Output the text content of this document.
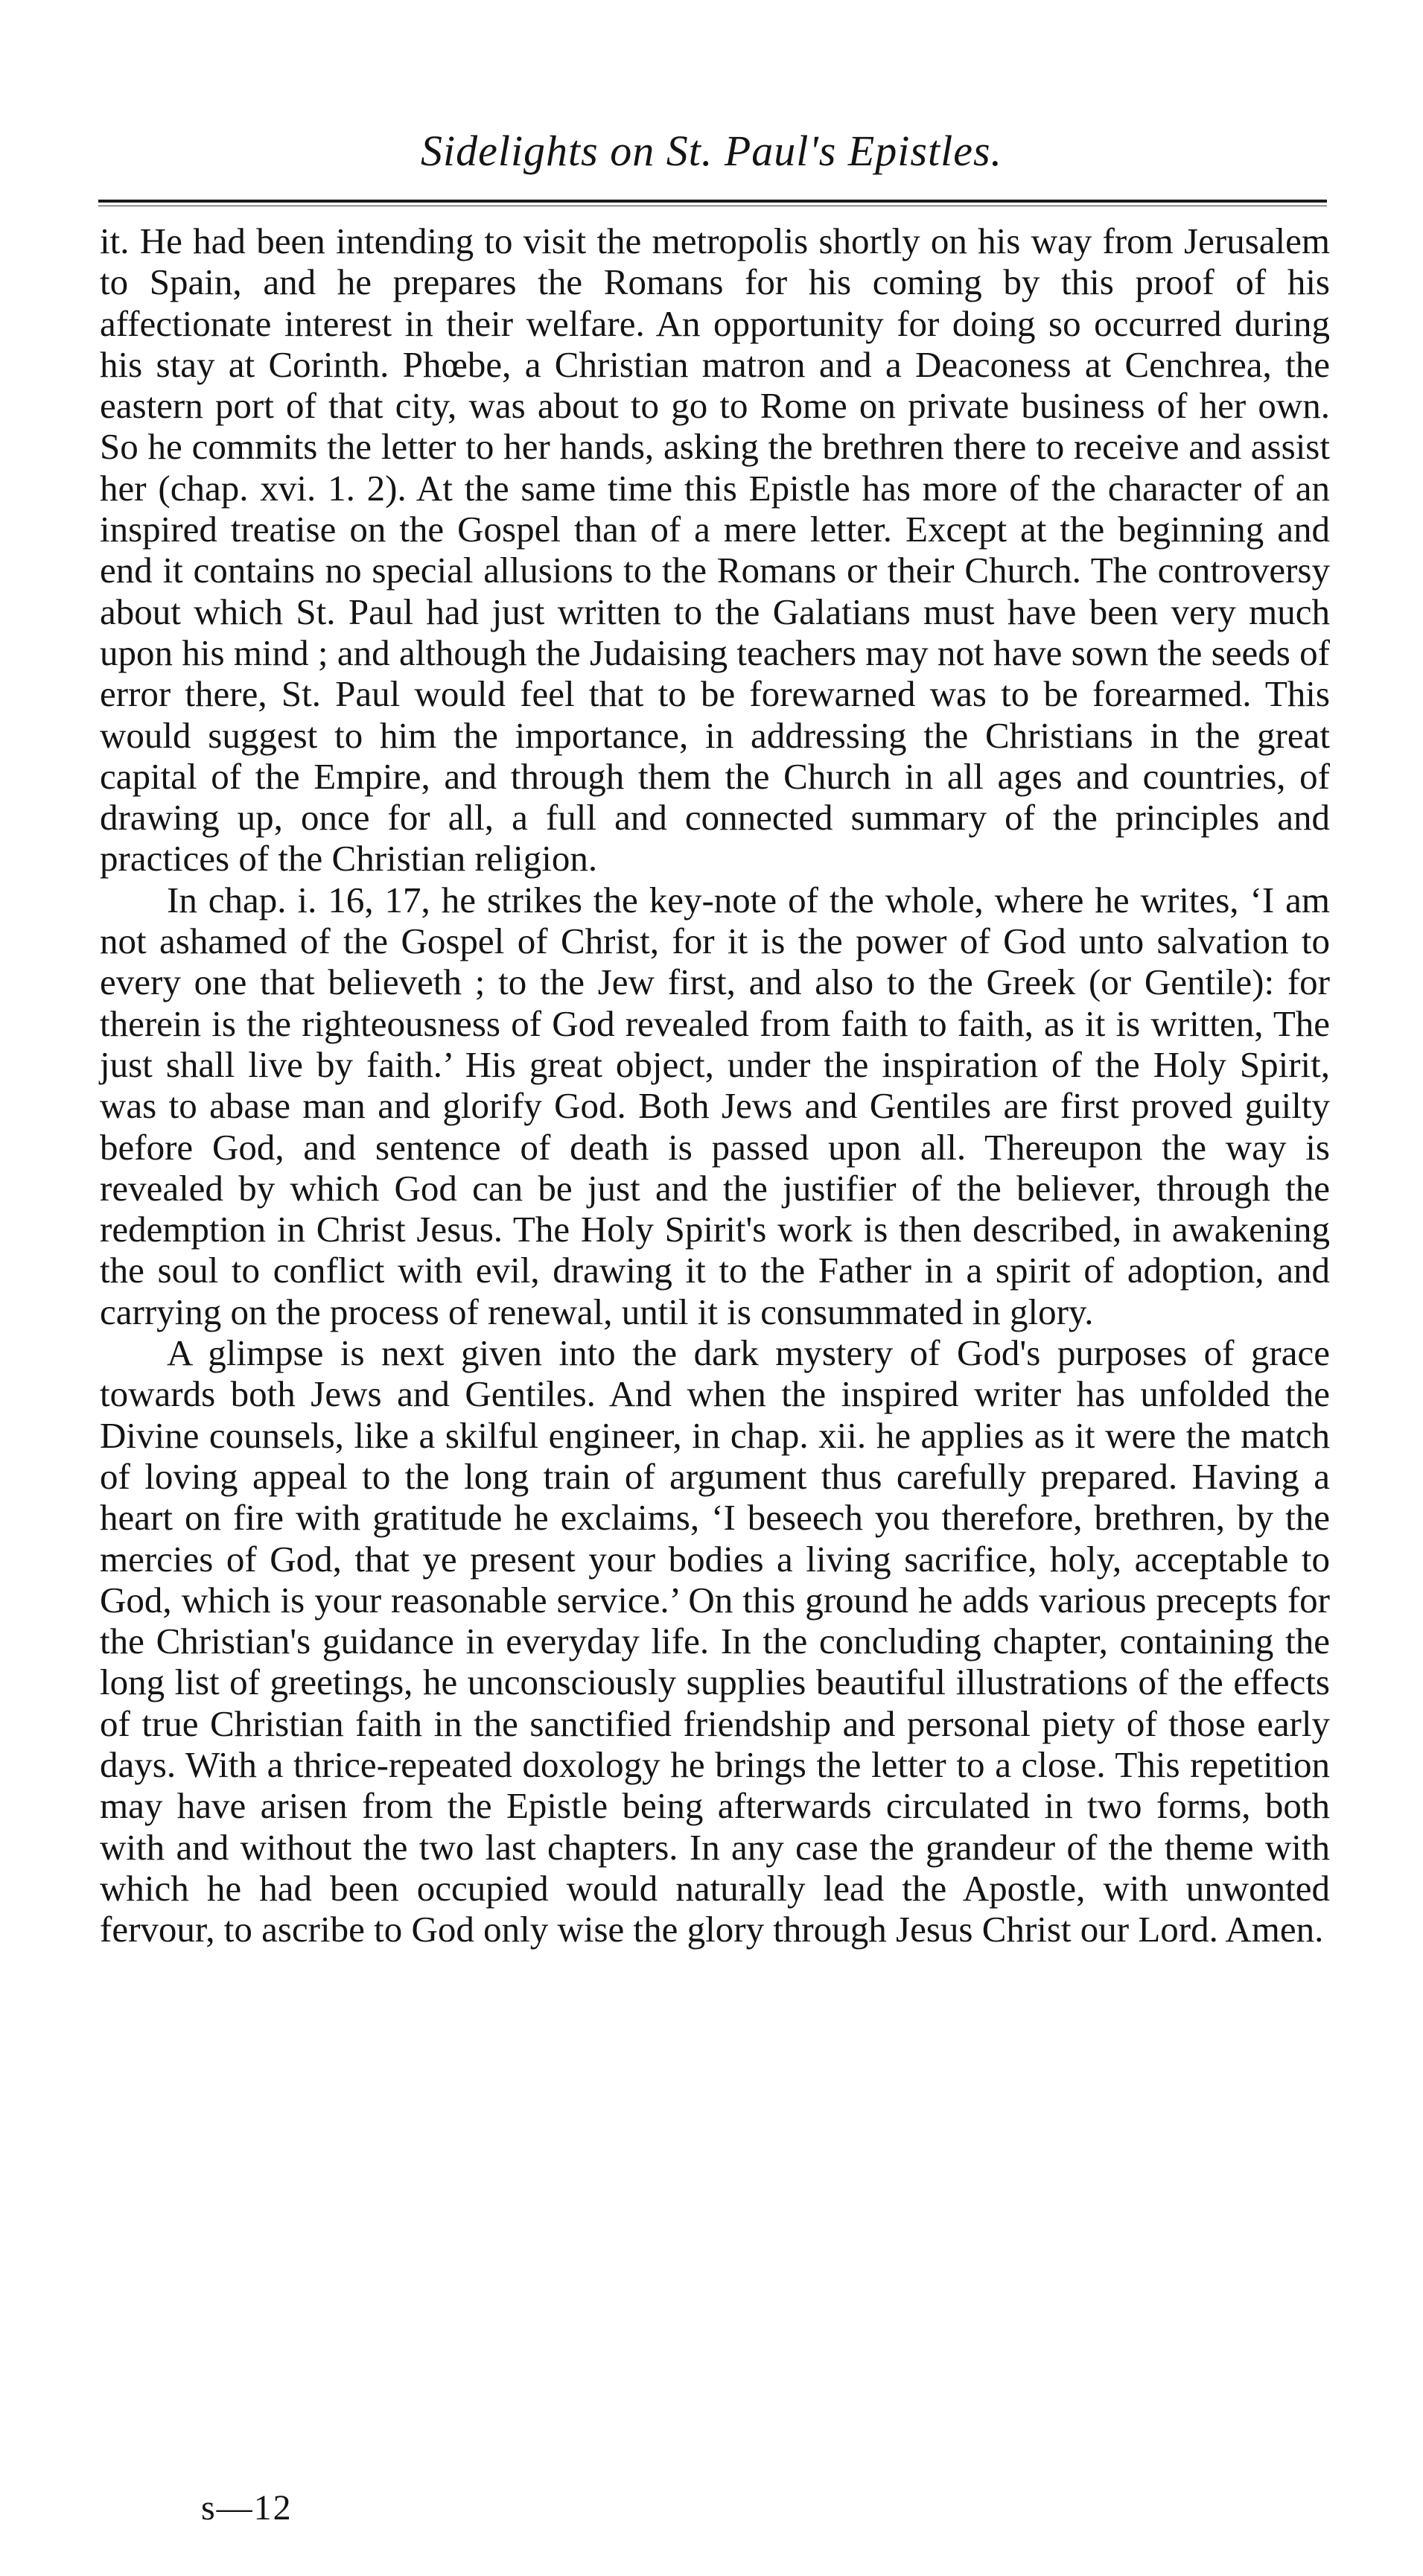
Sidelights on St. Paul's Epistles.

it. He had been intending to visit the metropolis shortly on his way from Jerusalem to Spain, and he prepares the Romans for his coming by this proof of his affectionate interest in their welfare. An opportunity for doing so occurred during his stay at Corinth. Phœbe, a Christian matron and a Deaconess at Cenchrea, the eastern port of that city, was about to go to Rome on private business of her own. So he commits the letter to her hands, asking the brethren there to receive and assist her (chap. xvi. 1. 2). At the same time this Epistle has more of the character of an inspired treatise on the Gospel than of a mere letter. Except at the beginning and end it contains no special allusions to the Romans or their Church. The controversy about which St. Paul had just written to the Galatians must have been very much upon his mind ; and although the Judaising teachers may not have sown the seeds of error there, St. Paul would feel that to be forewarned was to be forearmed. This would suggest to him the importance, in addressing the Christians in the great capital of the Empire, and through them the Church in all ages and countries, of drawing up, once for all, a full and connected summary of the principles and practices of the Christian religion.

In chap. i. 16, 17, he strikes the key-note of the whole, where he writes, ‘I am not ashamed of the Gospel of Christ, for it is the power of God unto salvation to every one that believeth ; to the Jew first, and also to the Greek (or Gentile): for therein is the righteousness of God revealed from faith to faith, as it is written, The just shall live by faith.’ His great object, under the inspiration of the Holy Spirit, was to abase man and glorify God. Both Jews and Gentiles are first proved guilty before God, and sentence of death is passed upon all. Thereupon the way is revealed by which God can be just and the justifier of the believer, through the redemption in Christ Jesus. The Holy Spirit's work is then described, in awakening the soul to conflict with evil, drawing it to the Father in a spirit of adoption, and carrying on the process of renewal, until it is consummated in glory.

A glimpse is next given into the dark mystery of God's purposes of grace towards both Jews and Gentiles. And when the inspired writer has unfolded the Divine counsels, like a skilful engineer, in chap. xii. he applies as it were the match of loving appeal to the long train of argument thus carefully prepared. Having a heart on fire with gratitude he exclaims, ‘I beseech you therefore, brethren, by the mercies of God, that ye present your bodies a living sacrifice, holy, acceptable to God, which is your reasonable service.’ On this ground he adds various precepts for the Christian's guidance in everyday life. In the concluding chapter, containing the long list of greetings, he unconsciously supplies beautiful illustrations of the effects of true Christian faith in the sanctified friendship and personal piety of those early days. With a thrice-repeated doxology he brings the letter to a close. This repetition may have arisen from the Epistle being afterwards circulated in two forms, both with and without the two last chapters. In any case the grandeur of the theme with which he had been occupied would naturally lead the Apostle, with unwonted fervour, to ascribe to God only wise the glory through Jesus Christ our Lord. Amen.

s—12
